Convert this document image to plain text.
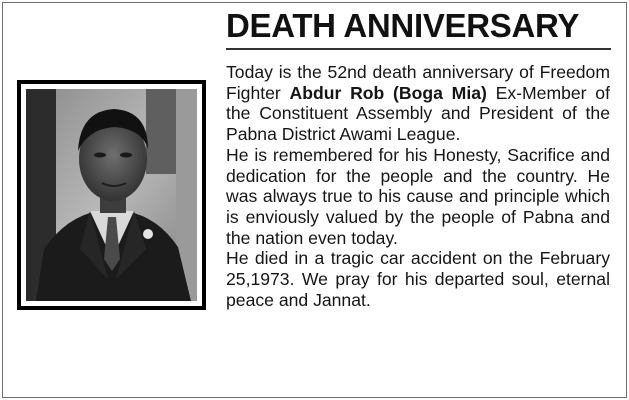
DEATH ANNIVERSARY

Today is the 52nd death anniversary of Freedom Fighter Abdur Rob (Boga Mia) Ex-Member of the Constituent Assembly and President of the Pabna District Awami League.

He is remembered for his Honesty, Sacrifice and dedication for the people and the country. He was always true to his cause and principle which is enviously valued by the people of Pabna and the nation even today.

He died in a tragic car accident on the February 25,1973. We pray for his departed soul, eternal peace and Jannat.
